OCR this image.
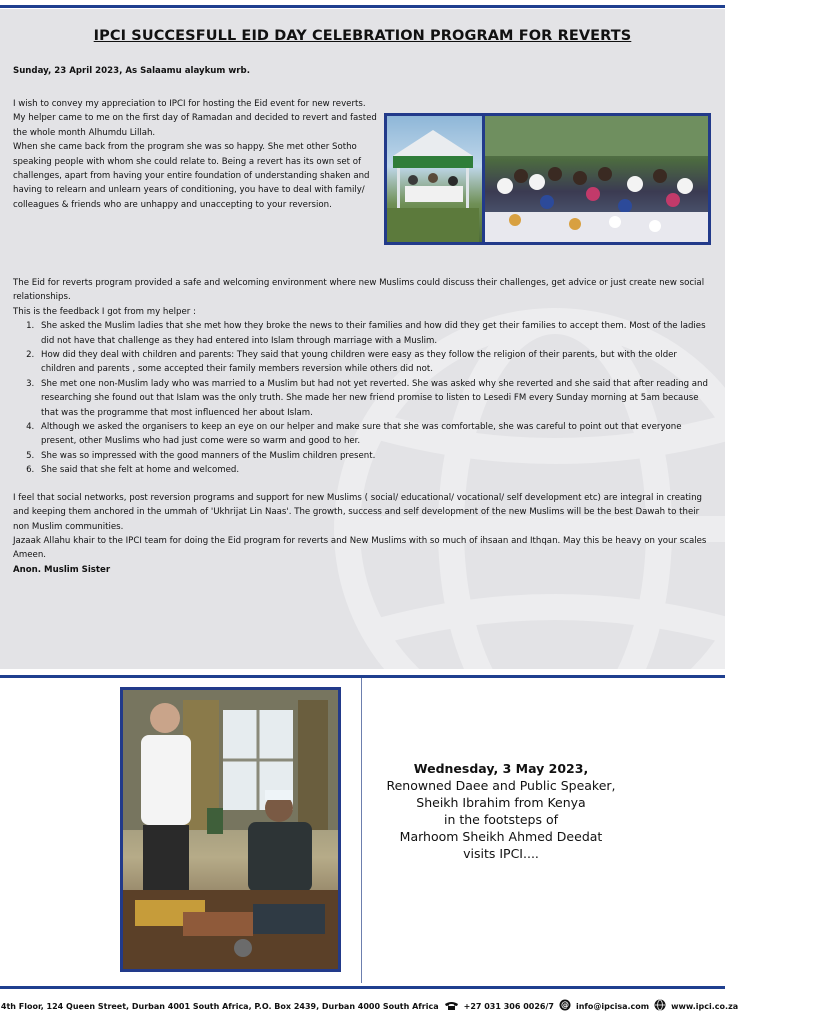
IPCI SUCCESFULL EID DAY CELEBRATION PROGRAM FOR REVERTS
Sunday, 23 April 2023, As Salaamu alaykum wrb.

I wish to convey my appreciation to IPCI for hosting the Eid event for new reverts. My helper came to me on the first day of Ramadan and decided to revert and fasted the whole month Alhumdu Lillah.

When she came back from the program she was so happy. She met other Sotho speaking people with whom she could relate to. Being a revert has its own set of challenges, apart from having your entire foundation of understanding shaken and having to relearn and unlearn years of conditioning, you have to deal with family/ colleagues & friends who are unhappy and unaccepting to your reversion.

The Eid for reverts program provided a safe and welcoming environment where new Muslims could discuss their challenges, get advice or just create new social relationships.

This is the feedback I got from my helper :

1. She asked the Muslim ladies that she met how they broke the news to their families and how did they get their families to accept them. Most of the ladies did not have that challenge as they had entered into Islam through marriage with a Muslim.
2. How did they deal with children and parents: They said that young children were easy as they follow the religion of their parents, but with the older children and parents , some accepted their family members reversion while others did not.
3. She met one non-Muslim lady who was married to a Muslim but had not yet reverted. She was asked why she reverted and she said that after reading and researching she found out that Islam was the only truth. She made her new friend promise to listen to Lesedi FM every Sunday morning at 5am because that was the programme that most influenced her about Islam.
4. Although we asked the organisers to keep an eye on our helper and make sure that she was comfortable, she was careful to point out that everyone present, other Muslims who had just come were so warm and good to her.
5. She was so impressed with the good manners of the Muslim children present.
6. She said that she felt at home and welcomed.

I feel that social networks, post reversion programs and support for new Muslims ( social/ educational/ vocational/ self development etc) are integral in creating and keeping them anchored in the ummah of 'Ukhrijat Lin Naas'. The growth, success and self development of the new Muslims will be the best Dawah to their non Muslim communities.

Jazaak Allahu khair to the IPCI team for doing the Eid program for reverts and New Muslims with so much of ihsaan and Ithqan. May this be heavy on your scales Ameen.

Anon. Muslim Sister

Wednesday, 3 May 2023,
Renowned Daee and Public Speaker,
Sheikh Ibrahim from Kenya
in the footsteps of
Marhoom Sheikh Ahmed Deedat
visits IPCI....
4th Floor, 124 Queen Street, Durban 4001 South Africa, P.O. Box 2439, Durban 4000 South Africa	+27 031 306 0026/7 @ info@ipcisa.com	www.ipci.co.za
